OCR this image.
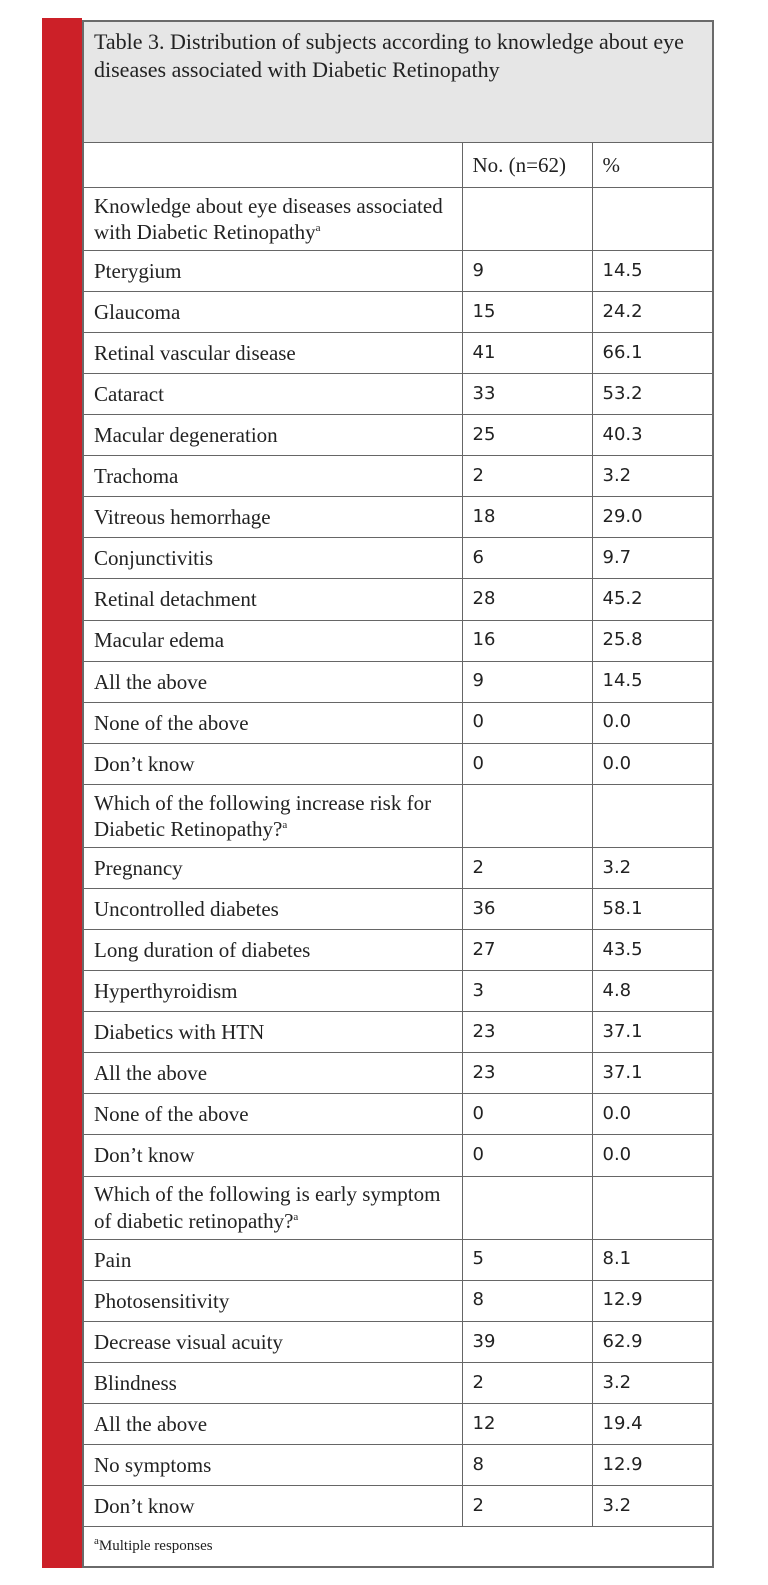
Table 3. Distribution of subjects according to knowledge about eye diseases associated with Diabetic Retinopathy		
	No. (n=62)	%
Knowledge about eye diseases associated with Diabetic Retinopathy$^a$		
Pterygium	9	14.5
Glaucoma	15	24.2
Retinal vascular disease	41	66.1
Cataract	33	53.2
Macular degeneration	25	40.3
Trachoma	2	3.2
Vitreous hemorrhage	18	29.0
Conjunctivitis	6	9.7
Retinal detachment	28	45.2
Macular edema	16	25.8
All the above	9	14.5
None of the above	0	0.0
Don’t know	0	0.0
Which of the following increase risk for Diabetic Retinopathy?$^a$		
Pregnancy	2	3.2
Uncontrolled diabetes	36	58.1
Long duration of diabetes	27	43.5
Hyperthyroidism	3	4.8
Diabetics with HTN	23	37.1
All the above	23	37.1
None of the above	0	0.0
Don’t know	0	0.0
Which of the following is early symptom of diabetic retinopathy?$^a$		
Pain	5	8.1
Photosensitivity	8	12.9
Decrease visual acuity	39	62.9
Blindness	2	3.2
All the above	12	19.4
No symptoms	8	12.9
Don’t know	2	3.2
$^a$Multiple responses		
